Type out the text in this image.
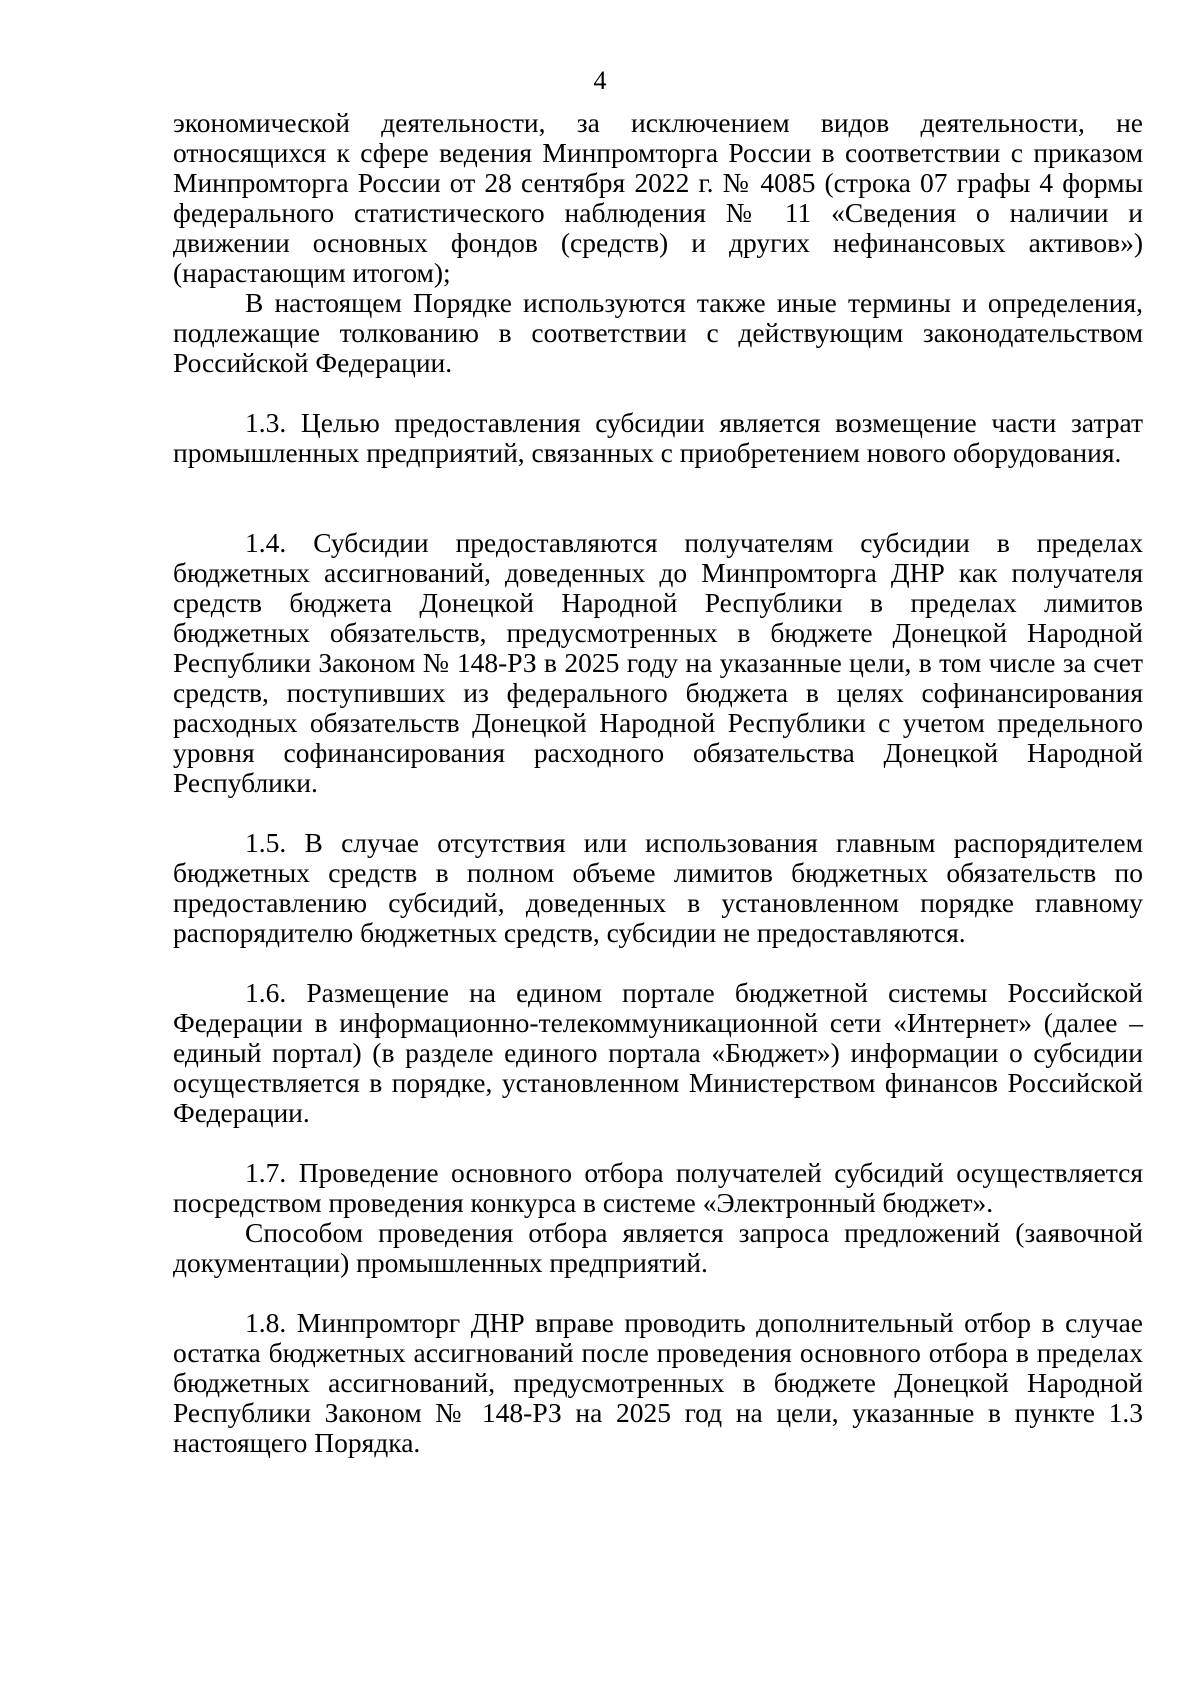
4

экономической деятельности, за исключением видов деятельности, не относящихся к сфере ведения Минпромторга России в соответствии с приказом Минпромторга России от 28 сентября 2022 г. № 4085 (строка 07 графы 4 формы федерального статистического наблюдения № 11 «Сведения о наличии и движении основных фондов (средств) и других нефинансовых активов») (нарастающим итогом);

В настоящем Порядке используются также иные термины и определения, подлежащие толкованию в соответствии с действующим законодательством Российской Федерации.

1.3. Целью предоставления субсидии является возмещение части затрат промышленных предприятий, связанных с приобретением нового оборудования.

1.4. Субсидии предоставляются получателям субсидии в пределах бюджетных ассигнований, доведенных до Минпромторга ДНР как получателя средств бюджета Донецкой Народной Республики в пределах лимитов бюджетных обязательств, предусмотренных в бюджете Донецкой Народной Республики Законом № 148-РЗ в 2025 году на указанные цели, в том числе за счет средств, поступивших из федерального бюджета в целях софинансирования расходных обязательств Донецкой Народной Республики с учетом предельного уровня софинансирования расходного обязательства Донецкой Народной Республики.

1.5. В случае отсутствия или использования главным распорядителем бюджетных средств в полном объеме лимитов бюджетных обязательств по предоставлению субсидий, доведенных в установленном порядке главному распорядителю бюджетных средств, субсидии не предоставляются.

1.6. Размещение на едином портале бюджетной системы Российской Федерации в информационно-телекоммуникационной сети «Интернет» (далее – единый портал) (в разделе единого портала «Бюджет») информации о субсидии осуществляется в порядке, установленном Министерством финансов Российской Федерации.

1.7. Проведение основного отбора получателей субсидий осуществляется посредством проведения конкурса в системе «Электронный бюджет».

Способом проведения отбора является запроса предложений (заявочной документации) промышленных предприятий.

1.8. Минпромторг ДНР вправе проводить дополнительный отбор в случае остатка бюджетных ассигнований после проведения основного отбора в пределах бюджетных ассигнований, предусмотренных в бюджете Донецкой Народной Республики Законом № 148-РЗ на 2025 год на цели, указанные в пункте 1.3 настоящего Порядка.
